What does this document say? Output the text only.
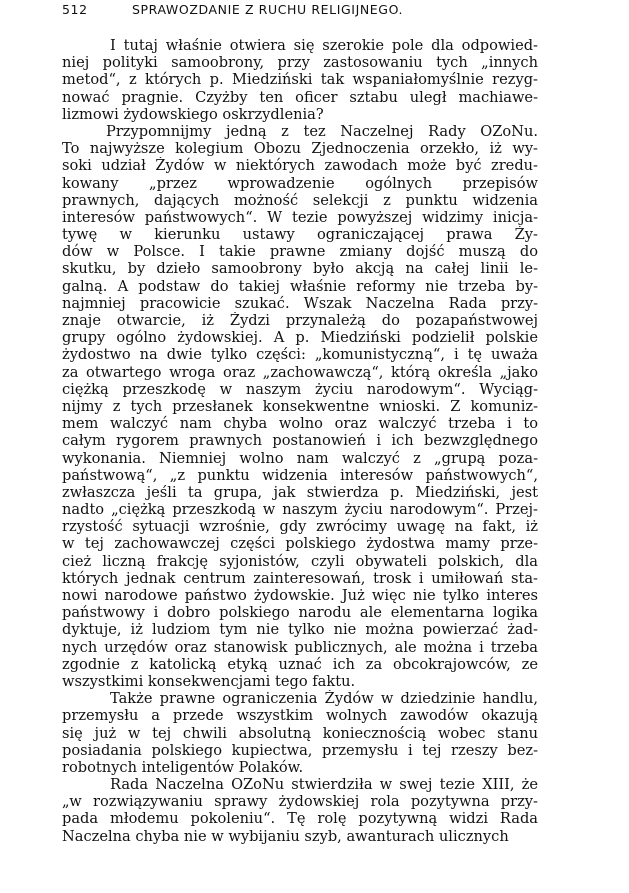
512	SPRAWOZDANIE Z RUCHU RELIGIJNEGO.
I tutaj właśnie otwiera się szerokie pole dla odpowied-
niej polityki samoobrony, przy zastosowaniu tych „innych
metod“, z których p. Miedziński tak wspaniałomyślnie rezyg-
nować pragnie. Czyżby ten oficer sztabu uległ machiawe-
lizmowi żydowskiego oskrzydlenia?
Przypomnijmy jedną z tez Naczelnej Rady OZoNu.
To najwyższe kolegium Obozu Zjednoczenia orzekło, iż wy-
soki udział Żydów w niektórych zawodach może być zredu-
kowany „przez wprowadzenie ogólnych przepisów
prawnych, dających możność selekcji z punktu widzenia
interesów państwowych“. W tezie powyższej widzimy inicja-
tywę w kierunku ustawy ograniczającej prawa Ży-
dów w Polsce. I takie prawne zmiany dojść muszą do
skutku, by dzieło samoobrony było akcją na całej linii le-
galną. A podstaw do takiej właśnie reformy nie trzeba by-
najmniej pracowicie szukać. Wszak Naczelna Rada przy-
znaje otwarcie, iż Żydzi przynależą do pozapaństwowej
grupy ogólno żydowskiej. A p. Miedziński podzielił polskie
żydostwo na dwie tylko części: „komunistyczną“, i tę uważa
za otwartego wroga oraz „zachowawczą“, którą określa „jako
ciężką przeszkodę w naszym życiu narodowym“. Wyciąg-
nijmy z tych przesłanek konsekwentne wnioski. Z komuniz-
mem walczyć nam chyba wolno oraz walczyć trzeba i to
całym rygorem prawnych postanowień i ich bezwzględnego
wykonania. Niemniej wolno nam walczyć z „grupą poza-
państwową“, „z punktu widzenia interesów państwowych“,
zwłaszcza jeśli ta grupa, jak stwierdza p. Miedziński, jest
nadto „ciężką przeszkodą w naszym życiu narodowym“. Przej-
rzystość sytuacji wzrośnie, gdy zwrócimy uwagę na fakt, iż
w tej zachowawczej części polskiego żydostwa mamy prze-
cież liczną frakcję syjonistów, czyli obywateli polskich, dla
których jednak centrum zainteresowań, trosk i umiłowań sta-
nowi narodowe państwo żydowskie. Już więc nie tylko interes
państwowy i dobro polskiego narodu ale elementarna logika
dyktuje, iż ludziom tym nie tylko nie można powierzać żad-
nych urzędów oraz stanowisk publicznych, ale można i trzeba
zgodnie z katolicką etyką uznać ich za obcokrajowców, ze
wszystkimi konsekwencjami tego faktu.
Także prawne ograniczenia Żydów w dziedzinie handlu,
przemysłu a przede wszystkim wolnych zawodów okazują
się już w tej chwili absolutną koniecznością wobec stanu
posiadania polskiego kupiectwa, przemysłu i tej rzeszy bez-
robotnych inteligentów Polaków.
Rada Naczelna OZoNu stwierdziła w swej tezie XIII, że
„w rozwiązywaniu sprawy żydowskiej rola pozytywna przy-
pada młodemu pokoleniu“. Tę rolę pozytywną widzi Rada
Naczelna chyba nie w wybijaniu szyb, awanturach ulicznych
